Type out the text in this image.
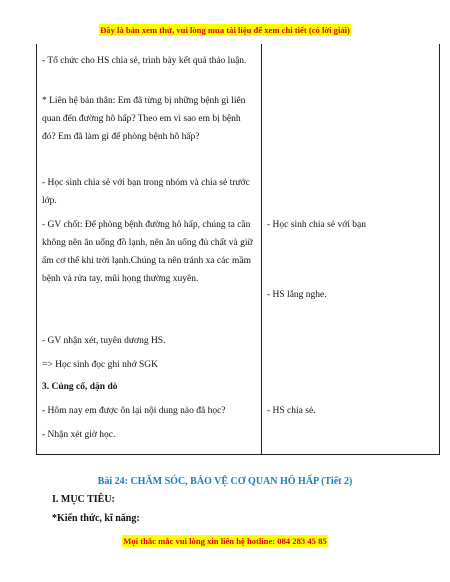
Đây là bản xem thử, vui lòng mua tài liệu để xem chi tiết (có lời giải)

- Tổ chức cho HS chia sẻ, trình bày kết quả thảo luận.

* Liên hệ bản thân: Em đã từng bị những bệnh gì liên quan đến đường hô hấp? Theo em vì sao em bị bệnh đó? Em đã làm gì để phòng bệnh hô hấp?

- Học sinh chia sẻ với bạn trong nhóm và chia sẻ trước lớp.

- GV chốt: Để phòng bệnh đường hô hấp, chúng ta cần không nên ăn uống đồ lạnh, nên ăn uống đủ chất và giữ ấm cơ thể khi trời lạnh.Chúng ta nên tránh xa các mầm bệnh và rửa tay, mũi họng thường xuyên.

- GV nhận xét, tuyên dương HS.

=> Học sinh đọc ghi nhớ SGK

3. Củng cố, dặn dò

- Hôm nay em được ôn lại nội dung nào đã học?

- Nhận xét giờ học.

- Học sinh chia sẻ với bạn

- HS lắng nghe.

- HS chia sẻ.

Bài 24: CHĂM SÓC, BẢO VỆ CƠ QUAN HÔ HẤP (Tiết 2)
I. MỤC TIÊU:
*Kiến thức, kĩ năng:
Mọi thắc mắc vui lòng xin liên hệ hotline: 084 283 45 85
